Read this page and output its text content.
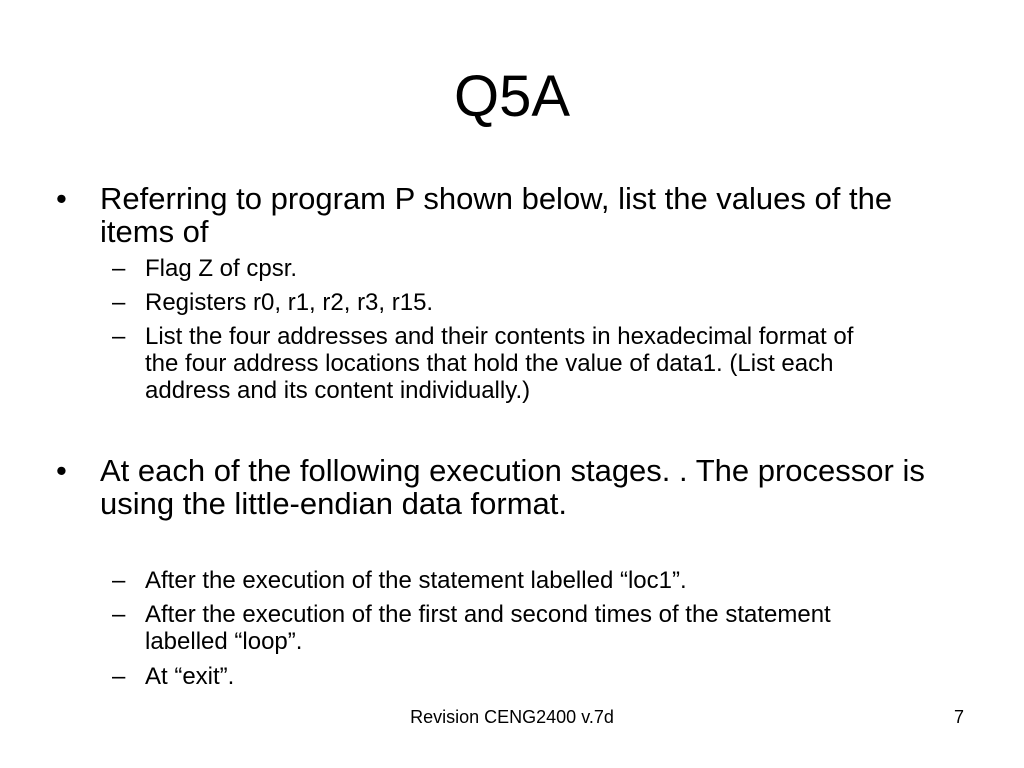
Q5A
•	Referring to program P shown below, list the values of the items of
– Flag Z of cpsr.
– Registers r0, r1, r2, r3, r15.
– List the four addresses and their contents in hexadecimal format of the four address locations that hold the value of data1. (List each address and its content individually.)
•	At each of the following execution stages. . The processor is using the little-endian data format.
– After the execution of the statement labelled “loc1”.
– After the execution of the first and second times of the statement labelled “loop”.
– At “exit”.
Revision CENG2400 v.7d	7
